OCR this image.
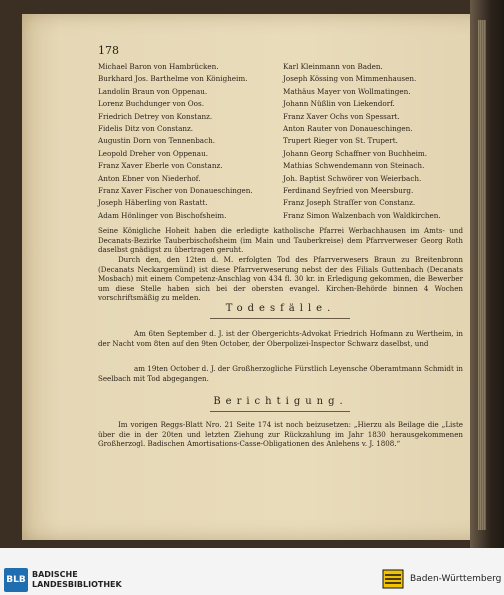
178
Michael Baron von Hambrücken.	Karl Kleinmann von Baden.
Burkhard Jos. Barthelme von Königheim.	Joseph Kössing von Mimmenhausen.
Landolin Braun von Oppenau.	Mathäus Mayer von Wollmatingen.
Lorenz Buchdunger von Oos.	Johann Nüßlin von Liekendorf.
Friedrich Detrey von Konstanz.	Franz Xaver Ochs von Spessart.
Fidelis Ditz von Constanz.	Anton Rauter von Donaueschingen.
Augustin Dorn von Tennenbach.	Trupert Rieger von St. Trupert.
Leopold Dreher von Oppenau.	Johann Georg Schaffner von Buchheim.
Franz Xaver Eberle von Constanz.	Mathias Schwendemann von Steinach.
Anton Ebner von Niederhof.	Joh. Baptist Schwörer von Weierbach.
Franz Xaver Fischer von Donaueschingen.	Ferdinand Seyfried von Meersburg.
Joseph Häberling von Rastatt.	Franz Joseph Straſſer von Constanz.
Adam Hönlinger von Bischofsheim.	Franz Simon Walzenbach von Waldkirchen.
Seine Königliche Hoheit haben die erledigte katholische Pfarrei Werbachhausen im Amts- und Decanats-Bezirke Tauberbischofsheim (im Main und Tauberkreise) dem Pfarrverweser Georg Roth daselbst gnädigst zu übertragen geruht.
Durch den, den 12ten d. M. erfolgten Tod des Pfarrverwesers Braun zu Breitenbronn (Decanats Neckargemünd) ist diese Pfarrverweserung nebst der des Filials Guttenbach (Decanats Mosbach) mit einem Competenz-Anschlag von 434 fl. 30 kr. in Erledigung gekommen, die Bewerber um diese Stelle haben sich bei der obersten evangel. Kirchen-Behörde binnen 4 Wochen vorschriftsmäßig zu melden.
Todesfälle.
Am 6ten September d. J. ist der Obergerichts-Advokat Friedrich Hofmann zu Wertheim, in der Nacht vom 8ten auf den 9ten October, der Oberpolizei-Inspector Schwarz daselbst, und
am 19ten October d. J. der Großherzogliche Fürstlich Leyensche Oberamtmann Schmidt in Seelbach mit Tod abgegangen.
Berichtigung.
Im vorigen Reggs-Blatt Nro. 21 Seite 174 ist noch beizusetzen: „Hierzu als Beilage die „Liste über die in der 20ten und letzten Ziehung zur Rückzahlung im Jahr 1830 herausgekommenen Großherzogl. Badischen Amortisations-Casse-Obligationen des Anlehens v. J. 1808.“
BLB
BADISCHE
LANDESBIBLIOTHEK
Baden-Württemberg
